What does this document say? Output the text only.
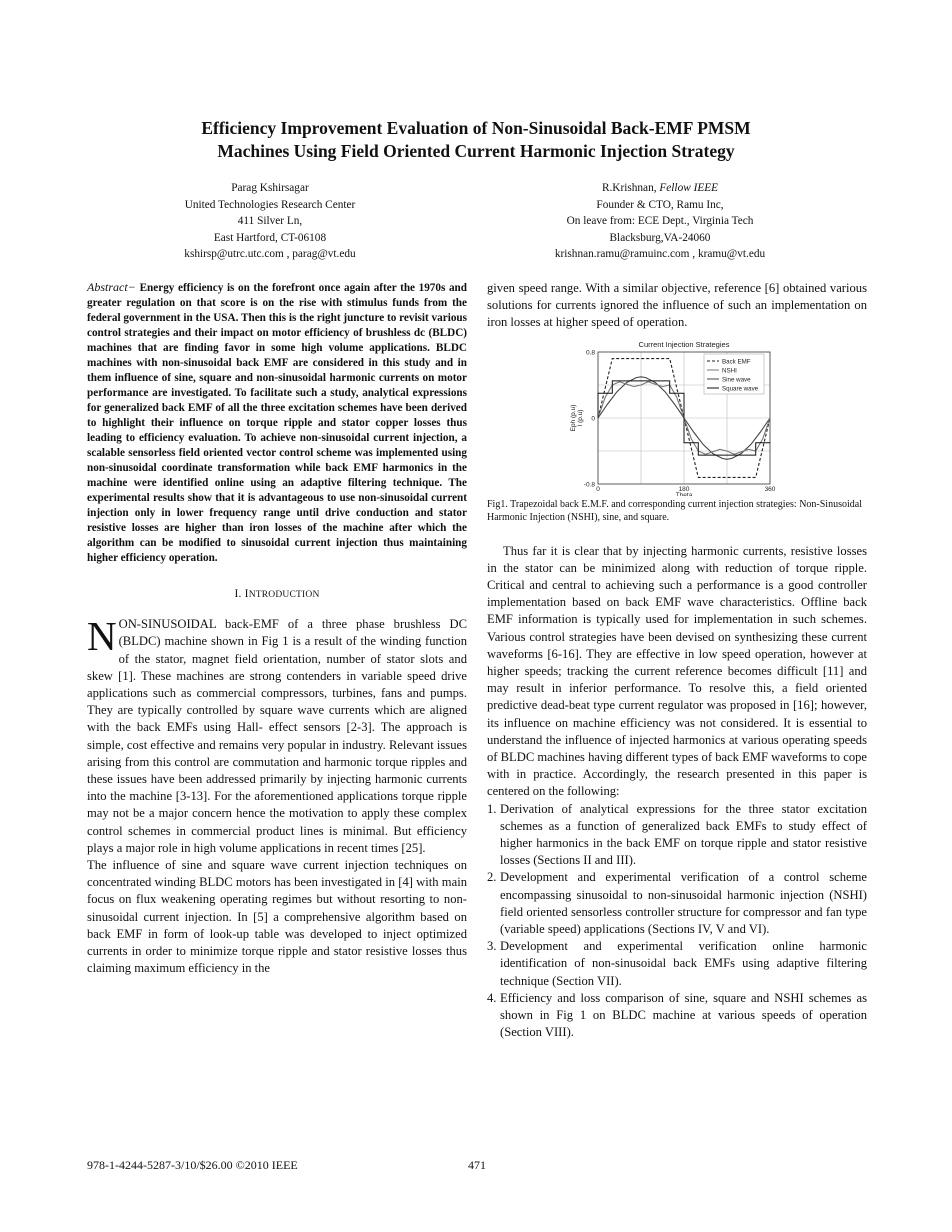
Efficiency Improvement Evaluation of Non-Sinusoidal Back-EMF PMSM
Machines Using Field Oriented Current Harmonic Injection Strategy
Parag Kshirsagar
United Technologies Research Center
411 Silver Ln,
East Hartford, CT-06108
kshirsp@utrc.utc.com , parag@vt.edu
R.Krishnan, Fellow IEEE
Founder & CTO, Ramu Inc,
On leave from: ECE Dept., Virginia Tech
Blacksburg,VA-24060
krishnan.ramu@ramuinc.com , kramu@vt.edu

Abstract− Energy efficiency is on the forefront once again after the 1970s and greater regulation on that score is on the rise with stimulus funds from the federal government in the USA. Then this is the right juncture to revisit various control strategies and their impact on motor efficiency of brushless dc (BLDC) machines that are finding favor in some high volume applications. BLDC machines with non-sinusoidal back EMF are considered in this study and in them influence of sine, square and non-sinusoidal harmonic currents on motor performance are investigated. To facilitate such a study, analytical expressions for generalized back EMF of all the three excitation schemes have been derived to highlight their influence on torque ripple and stator copper losses thus leading to efficiency evaluation. To achieve non-sinusoidal current injection, a scalable sensorless field oriented vector control scheme was implemented using non-sinusoidal coordinate transformation while back EMF harmonics in the machine were identified online using an adaptive filtering technique. The experimental results show that it is advantageous to use non-sinusoidal current injection only in lower frequency range until drive conduction and stator resistive losses are higher than iron losses of the machine after which the algorithm can be modified to sinusoidal current injection thus maintaining higher efficiency operation.

I. INTRODUCTION

NON-SINUSOIDAL back-EMF of a three phase brushless DC (BLDC) machine shown in Fig 1 is a result of the winding function of the stator, magnet field orientation, number of stator slots and skew [1]. These machines are strong contenders in variable speed drive applications such as commercial compressors, turbines, fans and pumps. They are typically controlled by square wave currents which are aligned with the back EMFs using Hall- effect sensors [2-3]. The approach is simple, cost effective and remains very popular in industry. Relevant issues arising from this control are commutation and harmonic torque ripples and these issues have been addressed primarily by injecting harmonic currents into the machine [3-13]. For the aforementioned applications torque ripple may not be a major concern hence the motivation to apply these complex control schemes in commercial product lines is minimal. But efficiency plays a major role in high volume applications in recent times [25].

The influence of sine and square wave current injection techniques on concentrated winding BLDC motors has been investigated in [4] with main focus on flux weakening operating regimes but without resorting to non-sinusoidal current injection. In [5] a comprehensive algorithm based on back EMF in form of look-up table was developed to inject optimized currents in order to minimize torque ripple and stator resistive losses thus claiming maximum efficiency in the

given speed range. With a similar objective, reference [6] obtained various solutions for currents ignored the influence of such an implementation on iron losses at higher speed of operation.

Current Injection Strategies
0.8
0
-0.8
0	180	360
Theta
Eph (p.u) I (p.u)
Back EMF
NSHI
Sine wave
Square wave

Fig1. Trapezoidal back E.M.F. and corresponding current injection strategies: Non-Sinusoidal Harmonic Injection (NSHI), sine, and square.

Thus far it is clear that by injecting harmonic currents, resistive losses in the stator can be minimized along with reduction of torque ripple. Critical and central to achieving such a performance is a good controller implementation based on back EMF wave characteristics. Offline back EMF information is typically used for implementation in such schemes. Various control strategies have been devised on synthesizing these current waveforms [6-16]. They are effective in low speed operation, however at higher speeds; tracking the current reference becomes difficult [11] and may result in inferior performance. To resolve this, a field oriented predictive dead-beat type current regulator was proposed in [16]; however, its influence on machine efficiency was not considered. It is essential to understand the influence of injected harmonics at various operating speeds of BLDC machines having different types of back EMF waveforms to cope with in practice. Accordingly, the research presented in this paper is centered on the following:

1. Derivation of analytical expressions for the three stator excitation schemes as a function of generalized back EMFs to study effect of higher harmonics in the back EMF on torque ripple and stator resistive losses (Sections II and III).
2. Development and experimental verification of a control scheme encompassing sinusoidal to non-sinusoidal harmonic injection (NSHI) field oriented sensorless controller structure for compressor and fan type (variable speed) applications (Sections IV, V and VI).
3. Development and experimental verification online harmonic identification of non-sinusoidal back EMFs using adaptive filtering technique (Section VII).
4. Efficiency and loss comparison of sine, square and NSHI schemes as shown in Fig 1 on BLDC machine at various speeds of operation (Section VIII).
978-1-4244-5287-3/10/$26.00 ©2010 IEEE	471
